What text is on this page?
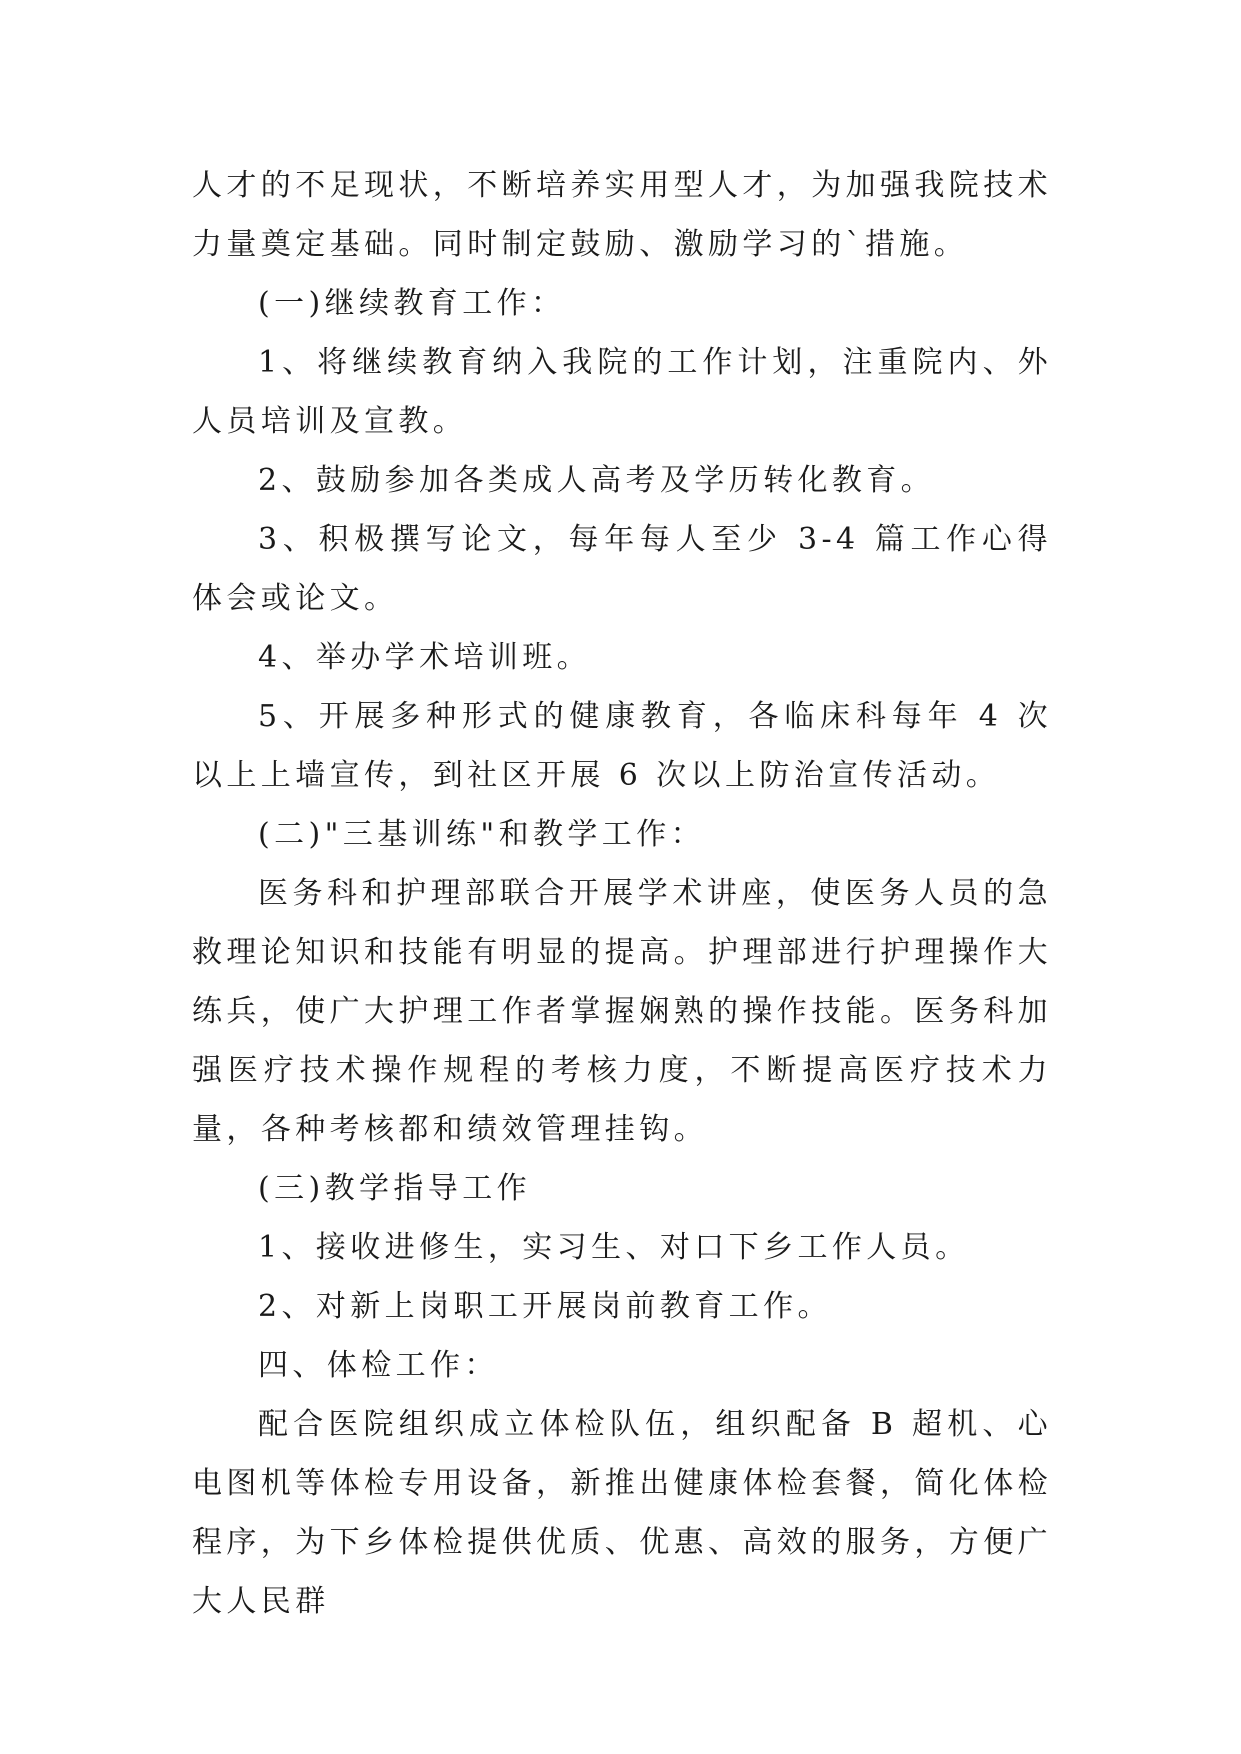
人才的不足现状，不断培养实用型人才，为加强我院技术力量奠定基础。同时制定鼓励、激励学习的`措施。

(一)继续教育工作：

1、将继续教育纳入我院的工作计划，注重院内、外人员培训及宣教。

2、鼓励参加各类成人高考及学历转化教育。

3、积极撰写论文，每年每人至少 3-4 篇工作心得体会或论文。

4、举办学术培训班。

5、开展多种形式的健康教育，各临床科每年 4 次以上上墙宣传，到社区开展 6 次以上防治宣传活动。

(二)"三基训练"和教学工作：

医务科和护理部联合开展学术讲座，使医务人员的急救理论知识和技能有明显的提高。护理部进行护理操作大练兵，使广大护理工作者掌握娴熟的操作技能。医务科加强医疗技术操作规程的考核力度，不断提高医疗技术力量，各种考核都和绩效管理挂钩。

(三)教学指导工作

1、接收进修生，实习生、对口下乡工作人员。

2、对新上岗职工开展岗前教育工作。

四、体检工作：

配合医院组织成立体检队伍，组织配备 B 超机、心电图机等体检专用设备，新推出健康体检套餐，简化体检程序，为下乡体检提供优质、优惠、高效的服务，方便广大人民群
